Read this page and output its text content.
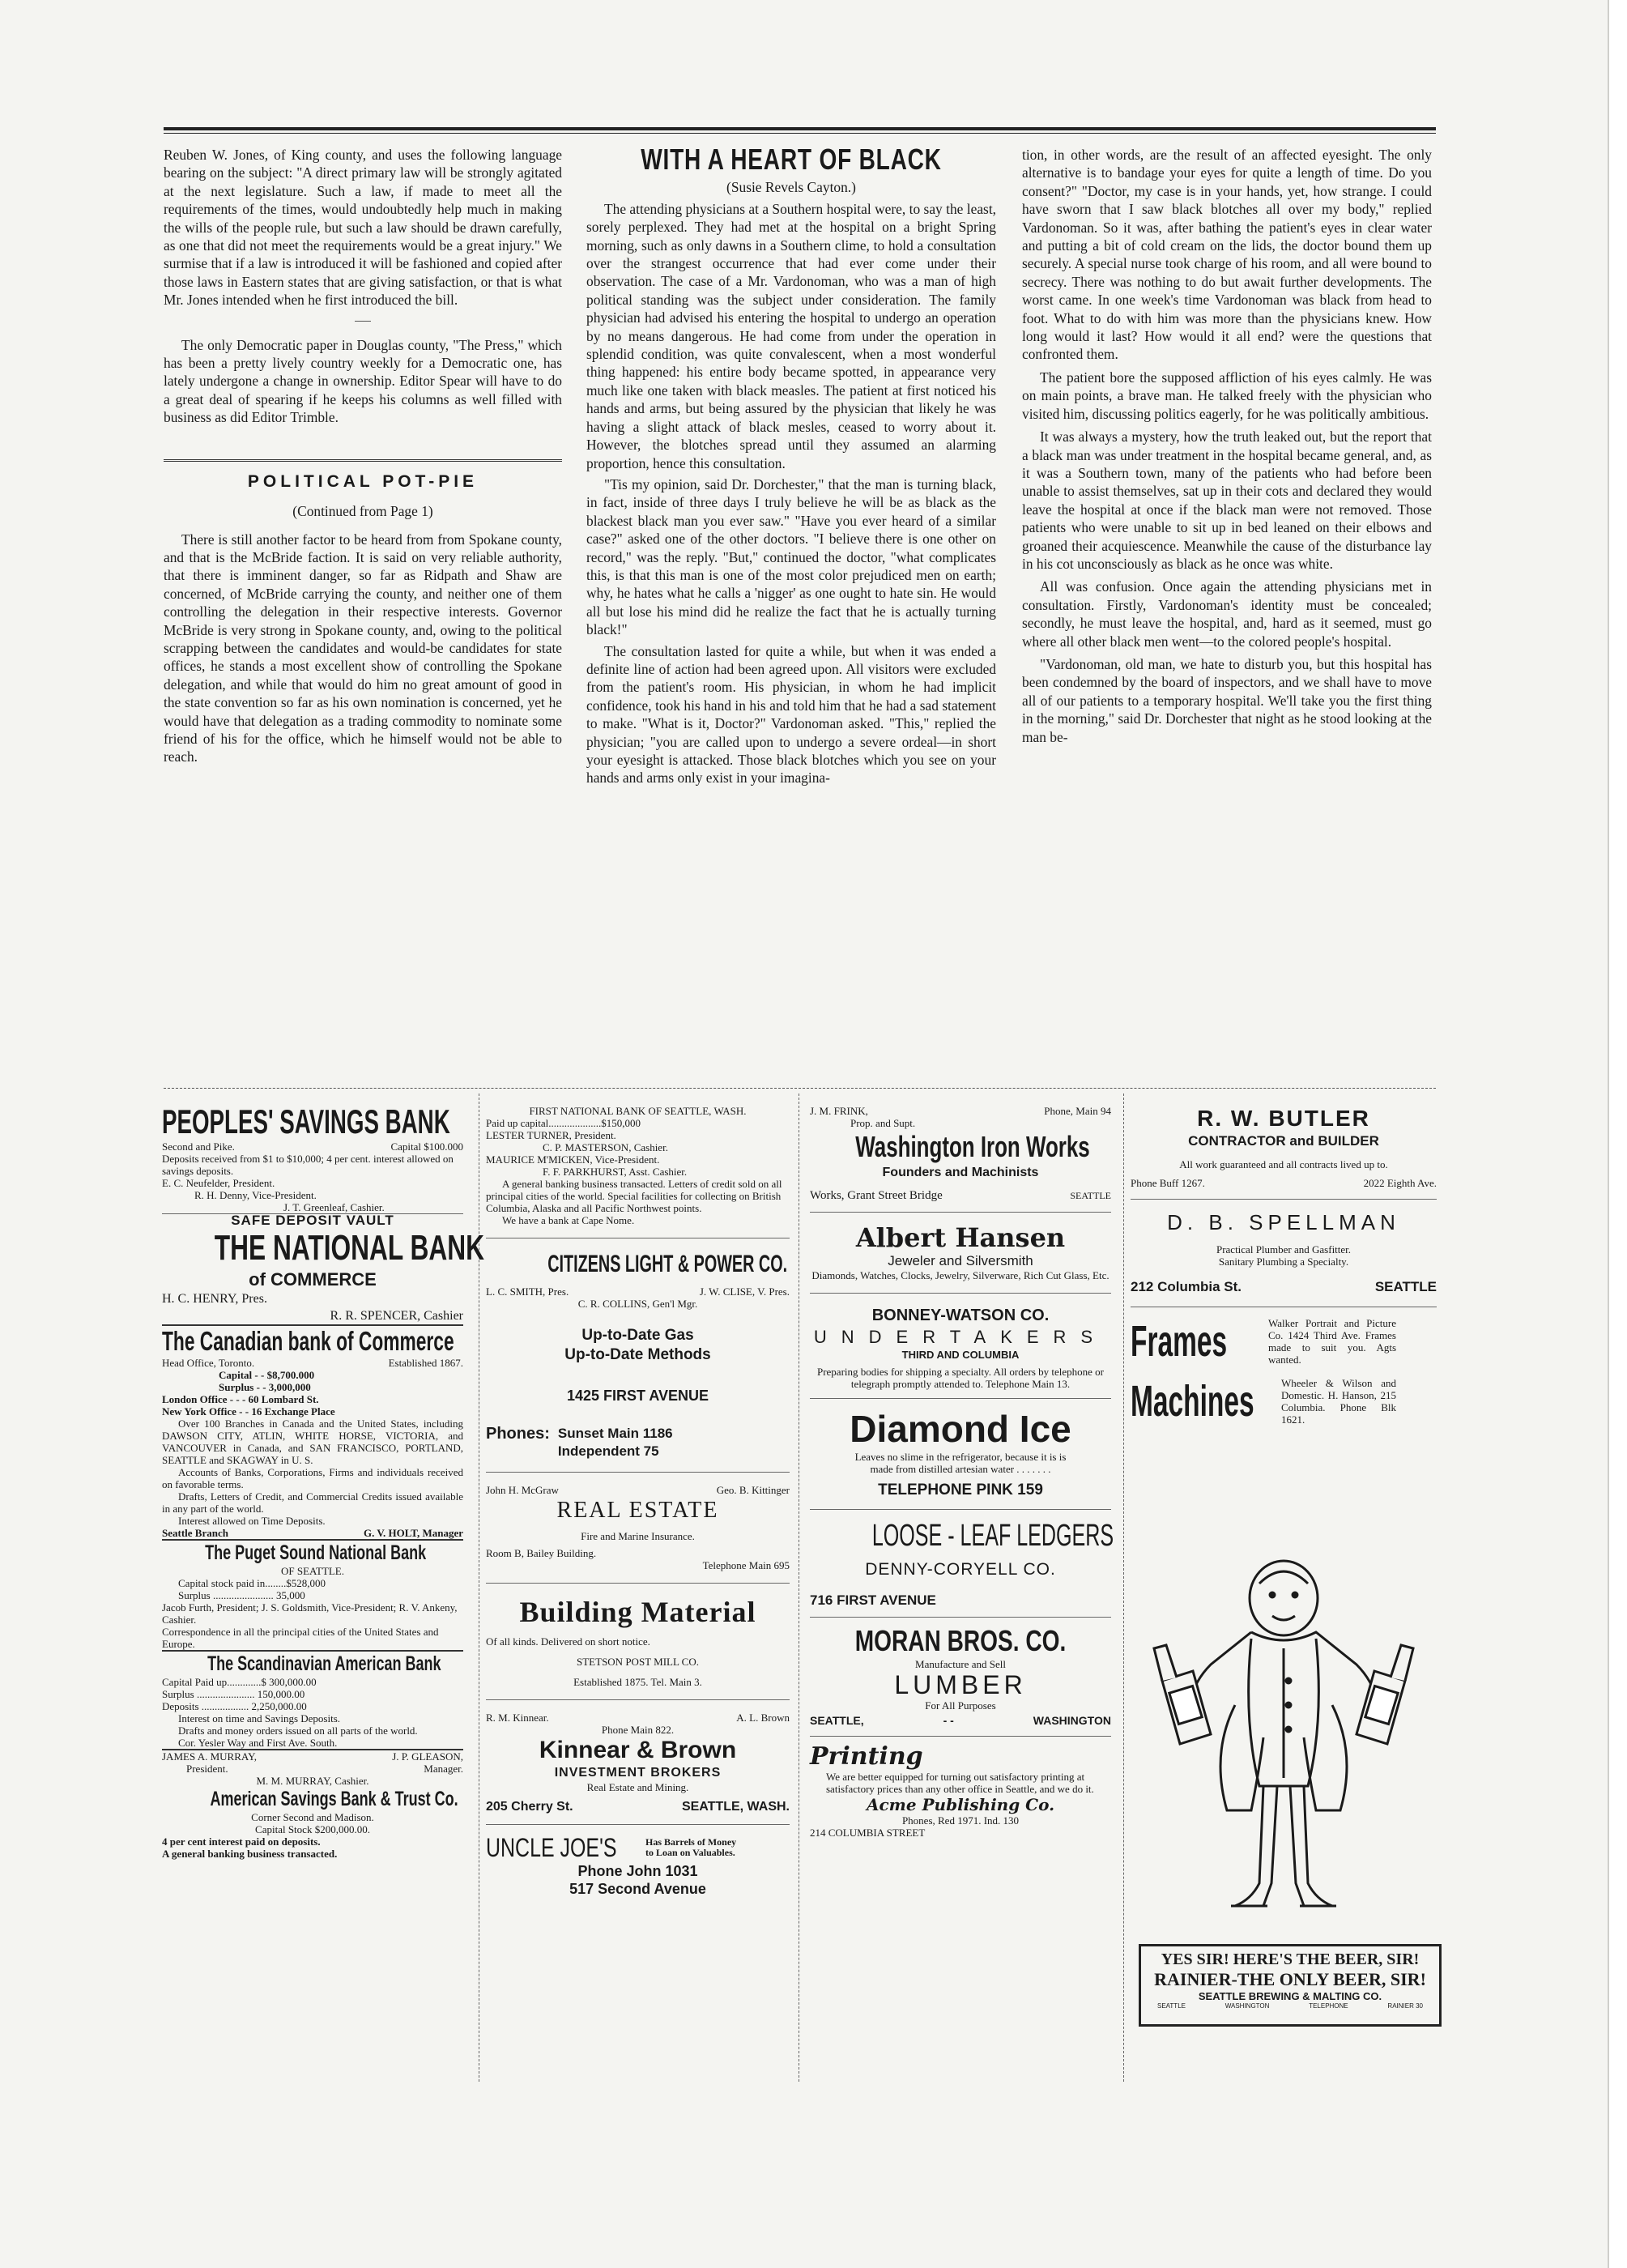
Reuben W. Jones, of King county, and uses the following language bearing on the subject: "A direct primary law will be strongly agitated at the next legislature. Such a law, if made to meet all the requirements of the times, would undoubtedly help much in making the wills of the people rule, but such a law should be drawn carefully, as one that did not meet the requirements would be a great injury." We surmise that if a law is introduced it will be fashioned and copied after those laws in Eastern states that are giving satisfaction, or that is what Mr. Jones intended when he first introduced the bill.

The only Democratic paper in Douglas county, "The Press," which has been a pretty lively country weekly for a Democratic one, has lately undergone a change in ownership. Editor Spear will have to do a great deal of spearing if he keeps his columns as well filled with business as did Editor Trimble.

POLITICAL POT-PIE

(Continued from Page 1)

There is still another factor to be heard from from Spokane county, and that is the McBride faction. It is said on very reliable authority, that there is imminent danger, so far as Ridpath and Shaw are concerned, of McBride carrying the county, and neither one of them controlling the delegation in their respective interests. Governor McBride is very strong in Spokane county, and, owing to the political scrapping between the candidates and would-be candidates for state offices, he stands a most excellent show of controlling the Spokane delegation, and while that would do him no great amount of good in the state convention so far as his own nomination is concerned, yet he would have that delegation as a trading commodity to nominate some friend of his for the office, which he himself would not be able to reach.

WITH A HEART OF BLACK

(Susie Revels Cayton.)

The attending physicians at a Southern hospital were, to say the least, sorely perplexed. They had met at the hospital on a bright Spring morning, such as only dawns in a Southern clime, to hold a consultation over the strangest occurrence that had ever come under their observation. The case of a Mr. Vardonoman, who was a man of high political standing was the subject under consideration. The family physician had advised his entering the hospital to undergo an operation by no means dangerous. He had come from under the operation in splendid condition, was quite convalescent, when a most wonderful thing happened: his entire body became spotted, in appearance very much like one taken with black measles. The patient at first noticed his hands and arms, but being assured by the physician that likely he was having a slight attack of black mesles, ceased to worry about it. However, the blotches spread until they assumed an alarming proportion, hence this consultation.

"Tis my opinion, said Dr. Dorchester," that the man is turning black, in fact, inside of three days I truly believe he will be as black as the blackest black man you ever saw." "Have you ever heard of a similar case?" asked one of the other doctors. "I believe there is one other on record," was the reply. "But," continued the doctor, "what complicates this, is that this man is one of the most color prejudiced men on earth; why, he hates what he calls a 'nigger' as one ought to hate sin. He would all but lose his mind did he realize the fact that he is actually turning black!"

The consultation lasted for quite a while, but when it was ended a definite line of action had been agreed upon. All visitors were excluded from the patient's room. His physician, in whom he had implicit confidence, took his hand in his and told him that he had a sad statement to make. "What is it, Doctor?" Vardonoman asked. "This," replied the physician; "you are called upon to undergo a severe ordeal—in short your eyesight is attacked. Those black blotches which you see on your hands and arms only exist in your imagina-

tion, in other words, are the result of an affected eyesight. The only alternative is to bandage your eyes for quite a length of time. Do you consent?" "Doctor, my case is in your hands, yet, how strange. I could have sworn that I saw black blotches all over my body," replied Vardonoman. So it was, after bathing the patient's eyes in clear water and putting a bit of cold cream on the lids, the doctor bound them up securely. A special nurse took charge of his room, and all were bound to secrecy. There was nothing to do but await further developments. The worst came. In one week's time Vardonoman was black from head to foot. What to do with him was more than the physicians knew. How long would it last? How would it all end? were the questions that confronted them.

The patient bore the supposed affliction of his eyes calmly. He was on main points, a brave man. He talked freely with the physician who visited him, discussing politics eagerly, for he was politically ambitious.

It was always a mystery, how the truth leaked out, but the report that a black man was under treatment in the hospital became general, and, as it was a Southern town, many of the patients who had before been unable to assist themselves, sat up in their cots and declared they would leave the hospital at once if the black man were not removed. Those patients who were unable to sit up in bed leaned on their elbows and groaned their acquiescence. Meanwhile the cause of the disturbance lay in his cot unconsciously as black as he once was white.

All was confusion. Once again the attending physicians met in consultation. Firstly, Vardonoman's identity must be concealed; secondly, he must leave the hospital, and, hard as it seemed, must go where all other black men went—to the colored people's hospital.

"Vardonoman, old man, we hate to disturb you, but this hospital has been condemned by the board of inspectors, and we shall have to move all of our patients to a temporary hospital. We'll take you the first thing in the morning," said Dr. Dorchester that night as he stood looking at the man be-

PEOPLES' SAVINGS BANK
Second and Pike.	Capital $100.000
Deposits received from $1 to $10,000; 4 per cent. interest allowed on savings deposits.
E. C. Neufelder, President.
R. H. Denny, Vice-President.
J. T. Greenleaf, Cashier.
SAFE DEPOSIT VAULT
THE NATIONAL BANK
of COMMERCE
H. C. HENRY, Pres.
R. R. SPENCER, Cashier
The Canadian bank of Commerce
Head Office, Toronto.	Established 1867.
Capital - - $8,700.000
Surplus - - 3,000,000
London Office - - - 60 Lombard St.
New York Office - - 16 Exchange Place
Over 100 Branches in Canada and the United States, including DAWSON CITY, ATLIN, WHITE HORSE, VICTORIA, and VANCOUVER in Canada, and SAN FRANCISCO, PORTLAND, SEATTLE and SKAGWAY in U. S.
Accounts of Banks, Corporations, Firms and individuals received on favorable terms.
Drafts, Letters of Credit, and Commercial Credits issued available in any part of the world.
Interest allowed on Time Deposits.
Seattle Branch	G. V. HOLT, Manager
The Puget Sound National Bank
OF SEATTLE.
Capital stock paid in........$528,000
Surplus ....................... 35,000
Jacob Furth, President; J. S. Goldsmith, Vice-President; R. V. Ankeny, Cashier.
Correspondence in all the principal cities of the United States and Europe.
The Scandinavian American Bank
Capital Paid up.............$ 300,000.00
Surplus ...................... 150,000.00
Deposits .................. 2,250,000.00
Interest on time and Savings Deposits.
Drafts and money orders issued on all parts of the world.
Cor. Yesler Way and First Ave. South.
JAMES A. MURRAY,	J. P. GLEASON,
President.	Manager.
M. M. MURRAY, Cashier.
American Savings Bank & Trust Co.
Corner Second and Madison.
Capital Stock $200,000.00.
4 per cent interest paid on deposits.
A general banking business transacted.
FIRST NATIONAL BANK OF SEATTLE, WASH.
Paid up capital....................$150,000
LESTER TURNER, President.
C. P. MASTERSON, Cashier.
MAURICE M'MICKEN, Vice-President.
F. F. PARKHURST, Asst. Cashier.
A general banking business transacted. Letters of credit sold on all principal cities of the world. Special facilities for collecting on British Columbia, Alaska and all Pacific Northwest points.
We have a bank at Cape Nome.
CITIZENS LIGHT & POWER CO.
L. C. SMITH, Pres.	J. W. CLISE, V. Pres.
C. R. COLLINS, Gen'l Mgr.
Up-to-Date Gas
Up-to-Date Methods
1425 FIRST AVENUE
Phones: Sunset Main 1186
Independent 75
John H. McGraw	Geo. B. Kittinger
REAL ESTATE
Fire and Marine Insurance.
Room B, Bailey Building.
Telephone Main 695
Building Material
Of all kinds. Delivered on short notice.
STETSON POST MILL CO.
Established 1875. Tel. Main 3.
R. M. Kinnear.	A. L. Brown
Phone Main 822.
Kinnear & Brown
INVESTMENT BROKERS
Real Estate and Mining.
205 Cherry St.	SEATTLE, WASH.
UNCLE JOE'S	Has Barrels of Money to Loan on Valuables.
Phone John 1031
517 Second Avenue
J. M. FRINK,	Phone, Main 94
Prop. and Supt.
Washington Iron Works
Founders and Machinists
Works, Grant Street Bridge	SEATTLE
Albert Hansen
Jeweler and Silversmith
Diamonds, Watches, Clocks, Jewelry, Silverware, Rich Cut Glass, Etc.
BONNEY-WATSON CO.
UNDERTAKERS
THIRD AND COLUMBIA
Preparing bodies for shipping a specialty. All orders by telephone or telegraph promptly attended to. Telephone Main 13.
Diamond Ice
Leaves no slime in the refrigerator, because it is is made from distilled artesian water . . . . . . .
TELEPHONE PINK 159
LOOSE - LEAF LEDGERS
DENNY-CORYELL CO.
716 FIRST AVENUE
MORAN BROS. CO.
Manufacture and Sell
LUMBER
For All Purposes
SEATTLE,	- -	WASHINGTON
Printing
We are better equipped for turning out satisfactory printing at satisfactory prices than any other office in Seattle, and we do it.
Acme Publishing Co.
Phones, Red 1971. Ind. 130
214 COLUMBIA STREET
R. W. BUTLER
CONTRACTOR and BUILDER
All work guaranteed and all contracts lived up to.
Phone Buff 1267.	2022 Eighth Ave.
D. B. SPELLMAN
Practical Plumber and Gasfitter.
Sanitary Plumbing a Specialty.
212 Columbia St.	SEATTLE
Frames	Walker Portrait and Picture Co. 1424 Third Ave. Frames made to suit you. Agts wanted.
Machines	Wheeler & Wilson and Domestic. H. Hanson, 215 Columbia. Phone Blk 1621.
YES SIR! HERE'S THE BEER, SIR!
RAINIER-THE ONLY BEER, SIR!
SEATTLE BREWING & MALTING CO.
SEATTLE	WASHINGTON	TELEPHONE	RAINIER 30
